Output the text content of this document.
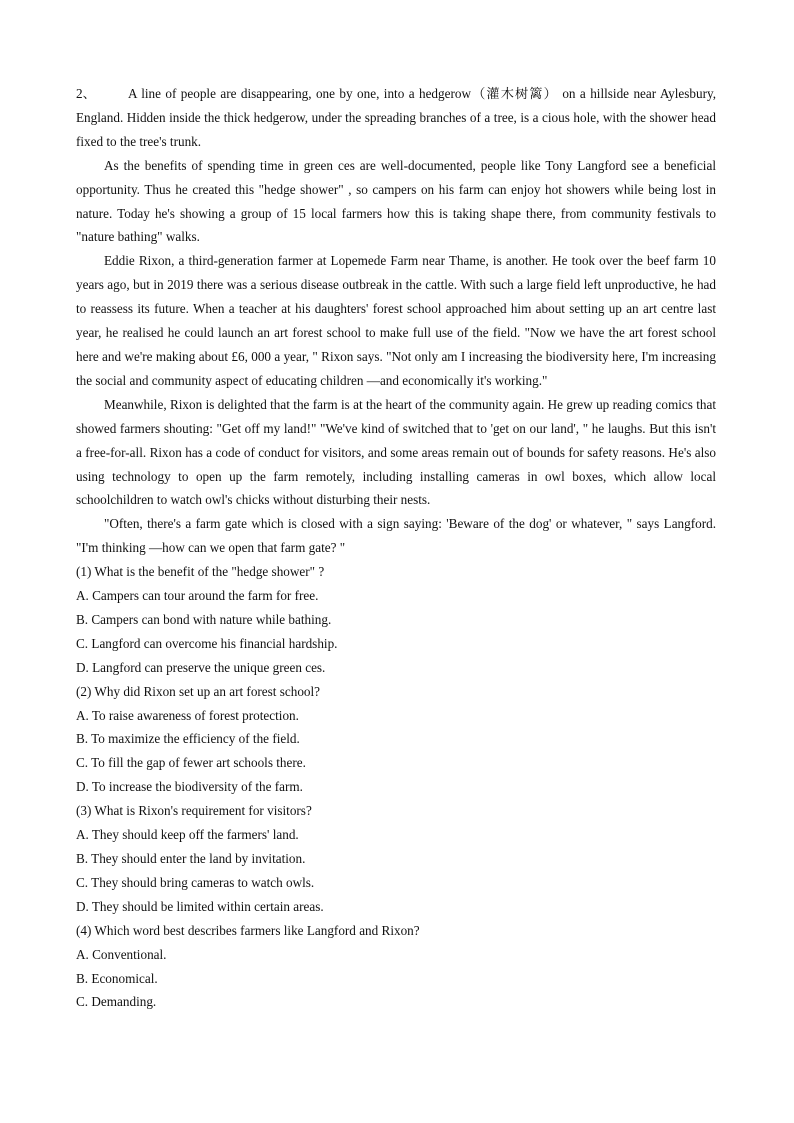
2、 A line of people are disappearing, one by one, into a hedgerow（灌木树篱） on a hillside near Aylesbury, England. Hidden inside the thick hedgerow, under the spreading branches of a tree, is a cious hole, with the shower head fixed to the tree's trunk.

As the benefits of spending time in green ces are well-documented, people like Tony Langford see a beneficial opportunity. Thus he created this "hedge shower" , so campers on his farm can enjoy hot showers while being lost in nature. Today he's showing a group of 15 local farmers how this is taking shape there, from community festivals to "nature bathing" walks.

Eddie Rixon, a third-generation farmer at Lopemede Farm near Thame, is another. He took over the beef farm 10 years ago, but in 2019 there was a serious disease outbreak in the cattle. With such a large field left unproductive, he had to reassess its future. When a teacher at his daughters' forest school approached him about setting up an art centre last year, he realised he could launch an art forest school to make full use of the field. "Now we have the art forest school here and we're making about £6, 000 a year, " Rixon says. "Not only am I increasing the biodiversity here, I'm increasing the social and community aspect of educating children —and economically it's working."

Meanwhile, Rixon is delighted that the farm is at the heart of the community again. He grew up reading comics that showed farmers shouting: "Get off my land!" "We've kind of switched that to 'get on our land', " he laughs. But this isn't a free-for-all. Rixon has a code of conduct for visitors, and some areas remain out of bounds for safety reasons. He's also using technology to open up the farm remotely, including installing cameras in owl boxes, which allow local schoolchildren to watch owl's chicks without disturbing their nests.

"Often, there's a farm gate which is closed with a sign saying: 'Beware of the dog' or whatever, " says Langford. "I'm thinking —how can we open that farm gate? "

(1) What is the benefit of the "hedge shower" ?

A. Campers can tour around the farm for free.

B. Campers can bond with nature while bathing.

C. Langford can overcome his financial hardship.

D. Langford can preserve the unique green ces.

(2) Why did Rixon set up an art forest school?

A. To raise awareness of forest protection.

B. To maximize the efficiency of the field.

C. To fill the gap of fewer art schools there.

D. To increase the biodiversity of the farm.

(3) What is Rixon's requirement for visitors?

A. They should keep off the farmers' land.

B. They should enter the land by invitation.

C. They should bring cameras to watch owls.

D. They should be limited within certain areas.

(4) Which word best describes farmers like Langford and Rixon?

A. Conventional.

B. Economical.

C. Demanding.
